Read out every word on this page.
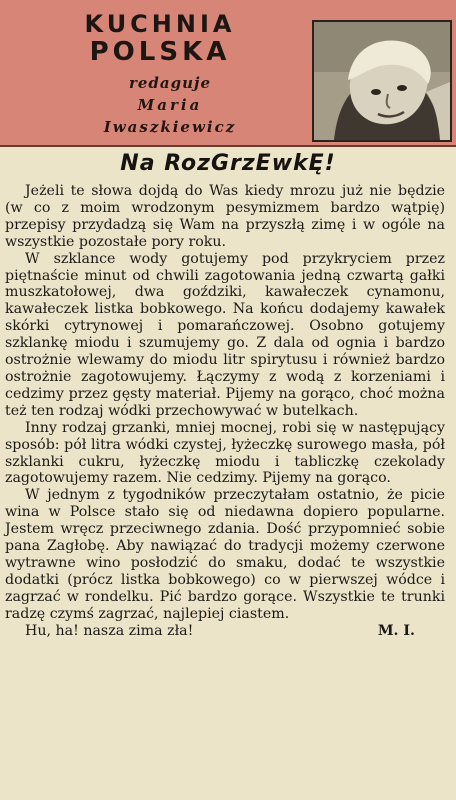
KUCHNIA
POLSKA
redaguje
Maria
Iwaszkiewicz
Na RozGrzEwkĘ!

Jeżeli te słowa dojdą do Was kiedy mrozu już nie będzie (w co z moim wrodzonym pesymizmem bardzo wątpię) przepisy przydadzą się Wam na przyszłą zimę i w ogóle na wszystkie pozostałe pory roku.

W szklance wody gotujemy pod przykryciem przez piętnaście minut od chwili zagotowania jedną czwartą gałki muszkatołowej, dwa goździki, kawałeczek cynamonu, kawałeczek listka bobkowego. Na końcu dodajemy kawałek skórki cytrynowej i pomarańczowej. Osobno gotujemy szklankę miodu i szumujemy go. Z dala od ognia i bardzo ostrożnie wlewamy do miodu litr spirytusu i również bardzo ostrożnie zagotowujemy. Łączymy z wodą z korzeniami i cedzimy przez gęsty materiał. Pijemy na gorąco, choć można też ten rodzaj wódki przechowywać w butelkach.

Inny rodzaj grzanki, mniej mocnej, robi się w następujący sposób: pół litra wódki czystej, łyżeczkę surowego masła, pół szklanki cukru, łyżeczkę miodu i tabliczkę czekolady zagotowujemy razem. Nie cedzimy. Pijemy na gorąco.

W jednym z tygodników przeczytałam ostatnio, że picie wina w Polsce stało się od niedawna dopiero popularne. Jestem wręcz przeciwnego zdania. Dość przypomnieć sobie pana Zagłobę. Aby nawiązać do tradycji możemy czerwone wytrawne wino posłodzić do smaku, dodać te wszystkie dodatki (prócz listka bobkowego) co w pierwszej wódce i zagrzać w rondelku. Pić bardzo gorące. Wszystkie te trunki radzę czymś zagrzać, najlepiej ciastem.

Hu, ha! nasza zima zła!	M. I.
